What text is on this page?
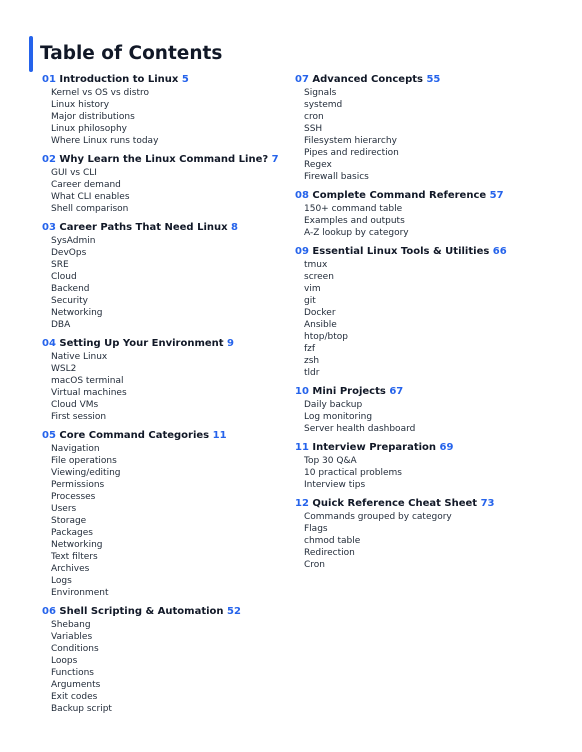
Table of Contents
01 Introduction to Linux 5
Kernel vs OS vs distro
Linux history
Major distributions
Linux philosophy
Where Linux runs today
02 Why Learn the Linux Command Line? 7
GUI vs CLI
Career demand
What CLI enables
Shell comparison
03 Career Paths That Need Linux 8
SysAdmin
DevOps
SRE
Cloud
Backend
Security
Networking
DBA
04 Setting Up Your Environment 9
Native Linux
WSL2
macOS terminal
Virtual machines
Cloud VMs
First session
05 Core Command Categories 11
Navigation
File operations
Viewing/editing
Permissions
Processes
Users
Storage
Packages
Networking
Text filters
Archives
Logs
Environment
06 Shell Scripting & Automation 52
Shebang
Variables
Conditions
Loops
Functions
Arguments
Exit codes
Backup script
07 Advanced Concepts 55
Signals
systemd
cron
SSH
Filesystem hierarchy
Pipes and redirection
Regex
Firewall basics
08 Complete Command Reference 57
150+ command table
Examples and outputs
A-Z lookup by category
09 Essential Linux Tools & Utilities 66
tmux
screen
vim
git
Docker
Ansible
htop/btop
fzf
zsh
tldr
10 Mini Projects 67
Daily backup
Log monitoring
Server health dashboard
11 Interview Preparation 69
Top 30 Q&A
10 practical problems
Interview tips
12 Quick Reference Cheat Sheet 73
Commands grouped by category
Flags
chmod table
Redirection
Cron
